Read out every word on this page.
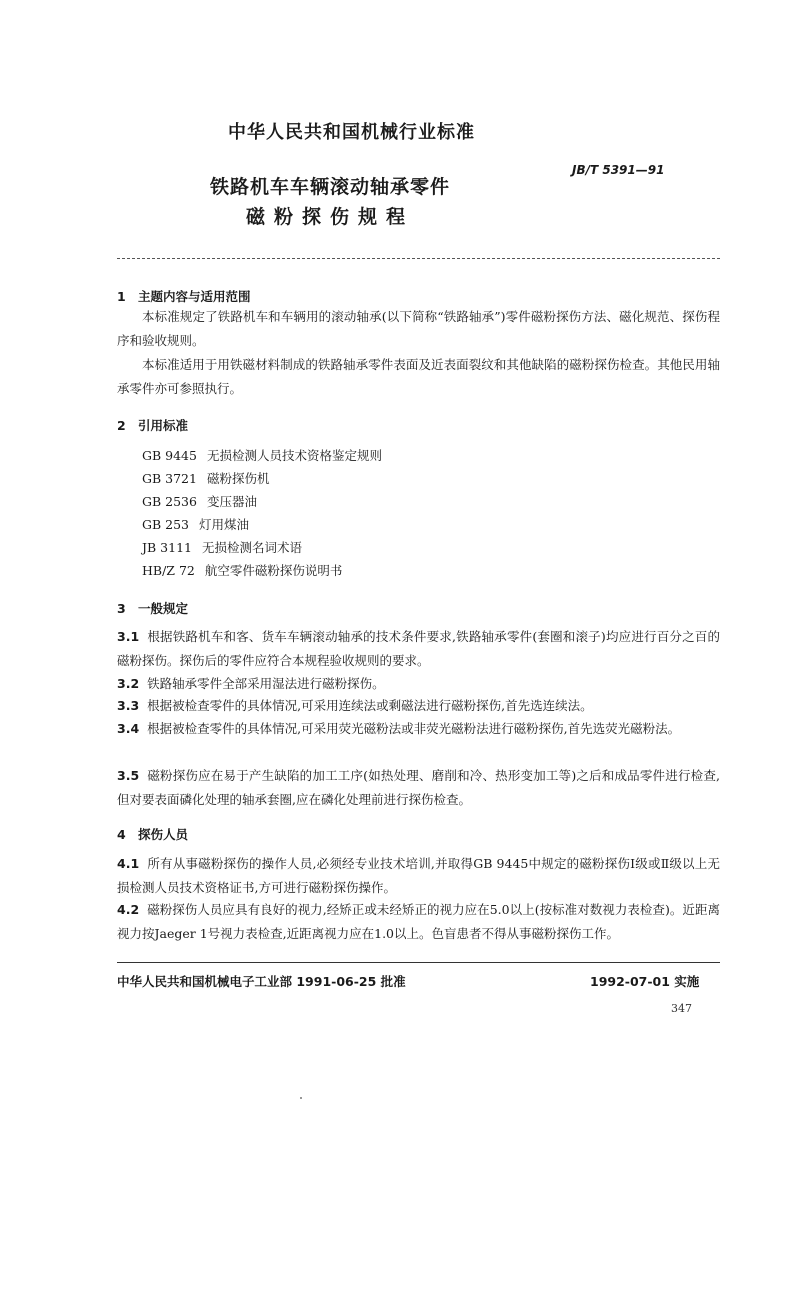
中华人民共和国机械行业标准
JB/T 5391—91
铁路机车车辆滚动轴承零件
磁粉探伤规程
1 主题内容与适用范围
本标准规定了铁路机车和车辆用的滚动轴承(以下简称“铁路轴承”)零件磁粉探伤方法、磁化规范、探伤程序和验收规则。
本标准适用于用铁磁材料制成的铁路轴承零件表面及近表面裂纹和其他缺陷的磁粉探伤检查。其他民用轴承零件亦可参照执行。
2 引用标准
GB 9445 无损检测人员技术资格鉴定规则
GB 3721 磁粉探伤机
GB 2536 变压器油
GB 253 灯用煤油
JB 3111 无损检测名词术语
HB/Z 72 航空零件磁粉探伤说明书
3 一般规定
3.1 根据铁路机车和客、货车车辆滚动轴承的技术条件要求,铁路轴承零件(套圈和滚子)均应进行百分之百的磁粉探伤。探伤后的零件应符合本规程验收规则的要求。
3.2 铁路轴承零件全部采用湿法进行磁粉探伤。
3.3 根据被检查零件的具体情况,可采用连续法或剩磁法进行磁粉探伤,首先选连续法。
3.4 根据被检查零件的具体情况,可采用荧光磁粉法或非荧光磁粉法进行磁粉探伤,首先选荧光磁粉法。
3.5 磁粉探伤应在易于产生缺陷的加工工序(如热处理、磨削和冷、热形变加工等)之后和成品零件进行检查,但对要表面磷化处理的轴承套圈,应在磷化处理前进行探伤检查。
4 探伤人员
4.1 所有从事磁粉探伤的操作人员,必须经专业技术培训,并取得GB 9445中规定的磁粉探伤Ⅰ级或Ⅱ级以上无损检测人员技术资格证书,方可进行磁粉探伤操作。
4.2 磁粉探伤人员应具有良好的视力,经矫正或未经矫正的视力应在5.0以上(按标准对数视力表检查)。近距离视力按Jaeger 1号视力表检查,近距离视力应在1.0以上。色盲患者不得从事磁粉探伤工作。
中华人民共和国机械电子工业部 1991-06-25 批准	1992-07-01 实施
347
